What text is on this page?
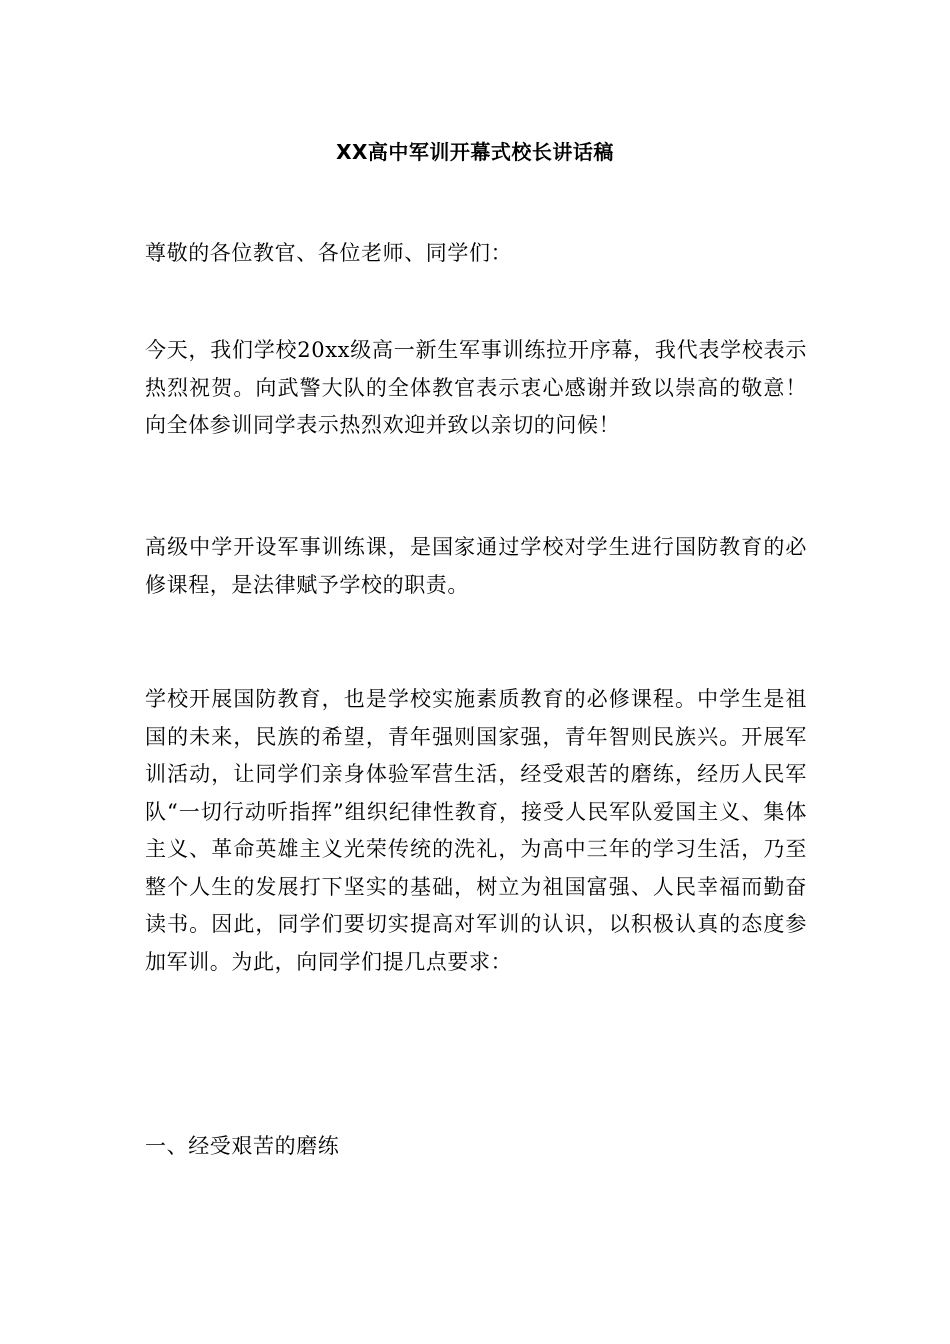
XX高中军训开幕式校长讲话稿

尊敬的各位教官、各位老师、同学们：

今天，我们学校20xx级高一新生军事训练拉开序幕，我代表学校表示热烈祝贺。向武警大队的全体教官表示衷心感谢并致以崇高的敬意！向全体参训同学表示热烈欢迎并致以亲切的问候！

高级中学开设军事训练课，是国家通过学校对学生进行国防教育的必修课程，是法律赋予学校的职责。

学校开展国防教育，也是学校实施素质教育的必修课程。中学生是祖国的未来，民族的希望，青年强则国家强，青年智则民族兴。开展军训活动，让同学们亲身体验军营生活，经受艰苦的磨练，经历人民军队“一切行动听指挥”组织纪律性教育，接受人民军队爱国主义、集体主义、革命英雄主义光荣传统的洗礼，为高中三年的学习生活，乃至整个人生的发展打下坚实的基础，树立为祖国富强、人民幸福而勤奋读书。因此，同学们要切实提高对军训的认识，以积极认真的态度参加军训。为此，向同学们提几点要求：

一、经受艰苦的磨练
